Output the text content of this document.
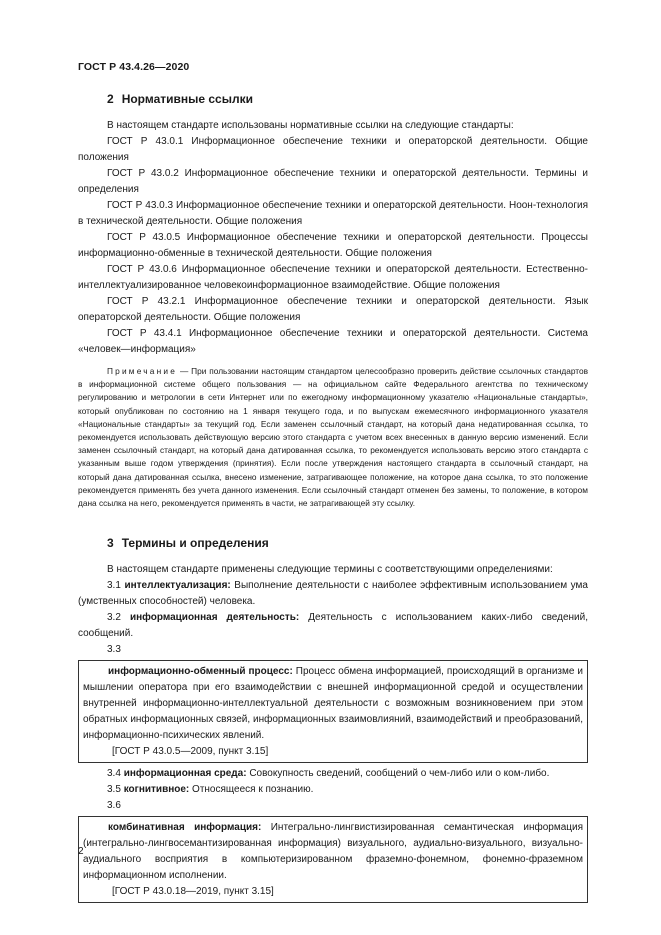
ГОСТ Р 43.4.26—2020
2 Нормативные ссылки

В настоящем стандарте использованы нормативные ссылки на следующие стандарты:

ГОСТ Р 43.0.1 Информационное обеспечение техники и операторской деятельности. Общие положения

ГОСТ Р 43.0.2 Информационное обеспечение техники и операторской деятельности. Термины и определения

ГОСТ Р 43.0.3 Информационное обеспечение техники и операторской деятельности. Ноон-технология в технической деятельности. Общие положения

ГОСТ Р 43.0.5 Информационное обеспечение техники и операторской деятельности. Процессы информационно-обменные в технической деятельности. Общие положения

ГОСТ Р 43.0.6 Информационное обеспечение техники и операторской деятельности. Естественно-интеллектуализированное человекоинформационное взаимодействие. Общие положения

ГОСТ Р 43.2.1 Информационное обеспечение техники и операторской деятельности. Язык операторской деятельности. Общие положения

ГОСТ Р 43.4.1 Информационное обеспечение техники и операторской деятельности. Система «человек—информация»

Примечание — При пользовании настоящим стандартом целесообразно проверить действие ссылочных стандартов в информационной системе общего пользования — на официальном сайте Федерального агентства по техническому регулированию и метрологии в сети Интернет или по ежегодному информационному указателю «Национальные стандарты», который опубликован по состоянию на 1 января текущего года, и по выпускам ежемесячного информационного указателя «Национальные стандарты» за текущий год. Если заменен ссылочный стандарт, на который дана недатированная ссылка, то рекомендуется использовать действующую версию этого стандарта с учетом всех внесенных в данную версию изменений. Если заменен ссылочный стандарт, на который дана датированная ссылка, то рекомендуется использовать версию этого стандарта с указанным выше годом утверждения (принятия). Если после утверждения настоящего стандарта в ссылочный стандарт, на который дана датированная ссылка, внесено изменение, затрагивающее положение, на которое дана ссылка, то это положение рекомендуется применять без учета данного изменения. Если ссылочный стандарт отменен без замены, то положение, в котором дана ссылка на него, рекомендуется применять в части, не затрагивающей эту ссылку.

3 Термины и определения

В настоящем стандарте применены следующие термины с соответствующими определениями:

3.1 интеллектуализация: Выполнение деятельности с наиболее эффективным использованием ума (умственных способностей) человека.

3.2 информационная деятельность: Деятельность с использованием каких-либо сведений, сообщений.

3.3

информационно-обменный процесс: Процесс обмена информацией, происходящий в организме и мышлении оператора при его взаимодействии с внешней информационной средой и осуществлении внутренней информационно-интеллектуальной деятельности с возможным возникновением при этом обратных информационных связей, информационных взаимовлияний, взаимодействий и преобразований, информационно-психических явлений.

[ГОСТ Р 43.0.5—2009, пункт 3.15]

3.4 информационная среда: Совокупность сведений, сообщений о чем-либо или о ком-либо.

3.5 когнитивное: Относящееся к познанию.

3.6

комбинативная информация: Интегрально-лингвистизированная семантическая информация (интегрально-лингвосемантизированная информация) визуального, аудиально-визуального, визуально-аудиального восприятия в компьютеризированном фраземно-фонемном, фонемно-фраземном информационном исполнении.

[ГОСТ Р 43.0.18—2019, пункт 3.15]
2
